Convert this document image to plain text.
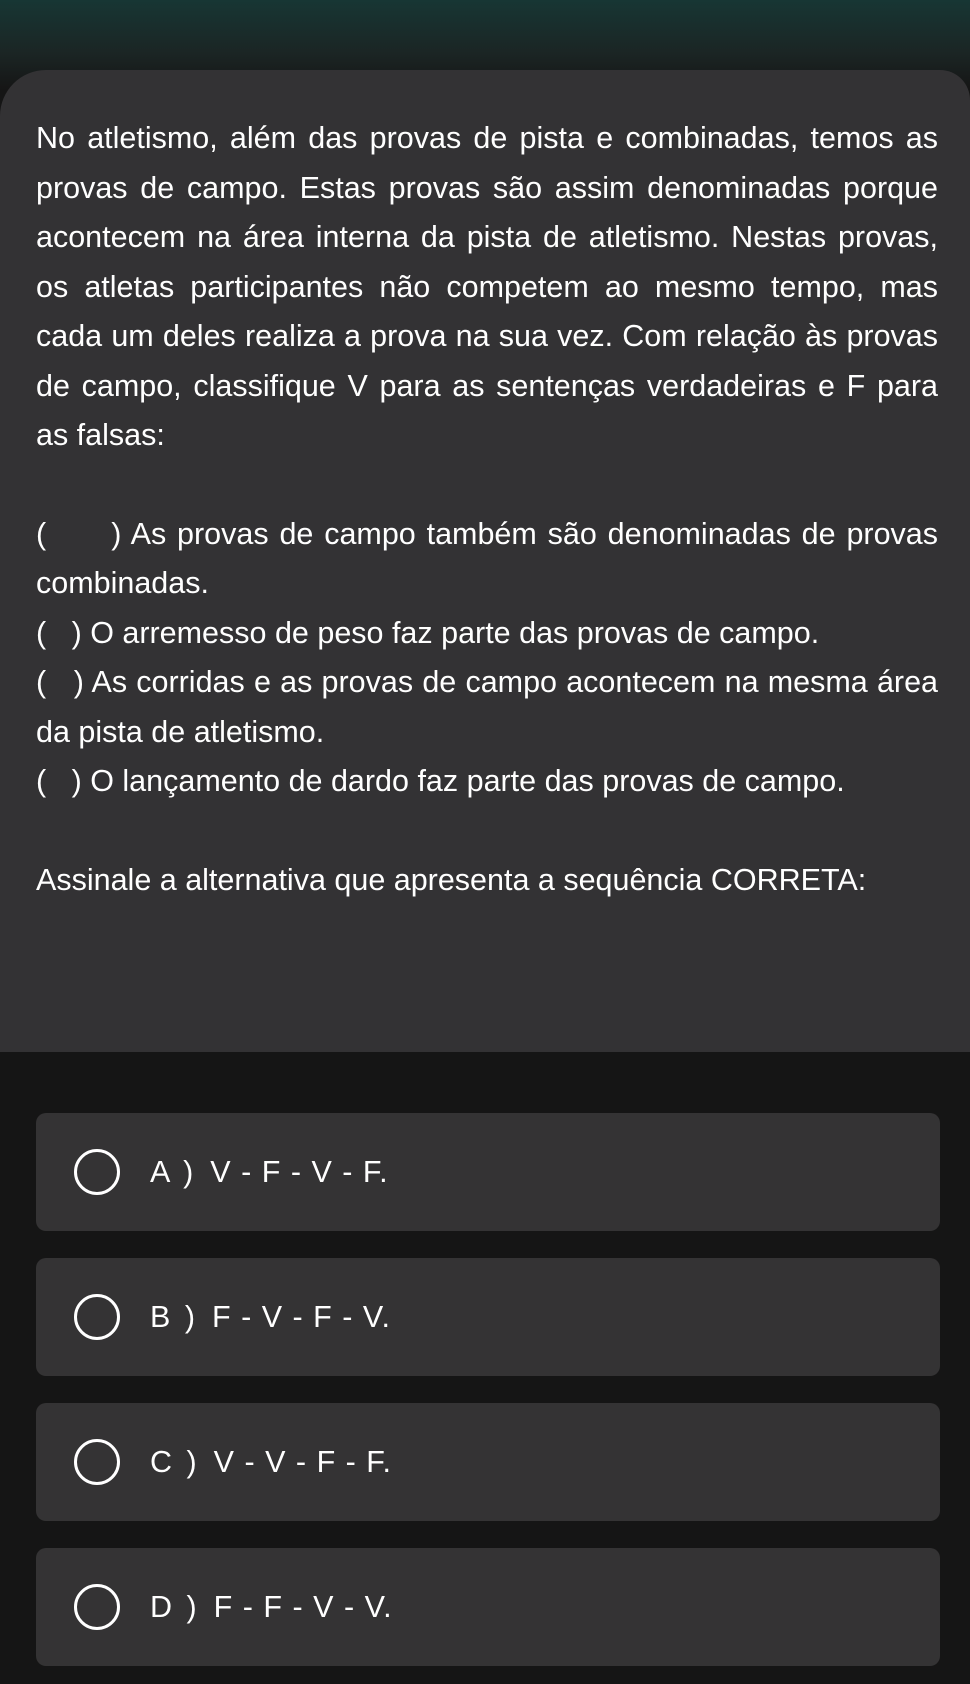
No atletismo, além das provas de pista e combinadas, temos as provas de campo. Estas provas são assim denominadas porque acontecem na área interna da pista de atletismo. Nestas provas, os atletas participantes não competem ao mesmo tempo, mas cada um deles realiza a prova na sua vez. Com relação às provas de campo, classifique V para as sentenças verdadeiras e F para as falsas:

(      ) As provas de campo também são denominadas de provas combinadas.

(   ) O arremesso de peso faz parte das provas de campo.

(   ) As corridas e as provas de campo acontecem na mesma área da pista de atletismo.

(   ) O lançamento de dardo faz parte das provas de campo.

Assinale a alternativa que apresenta a sequência CORRETA:

A ) V - F - V - F.
B ) F - V - F - V.
C ) V - V - F - F.
D ) F - F - V - V.
